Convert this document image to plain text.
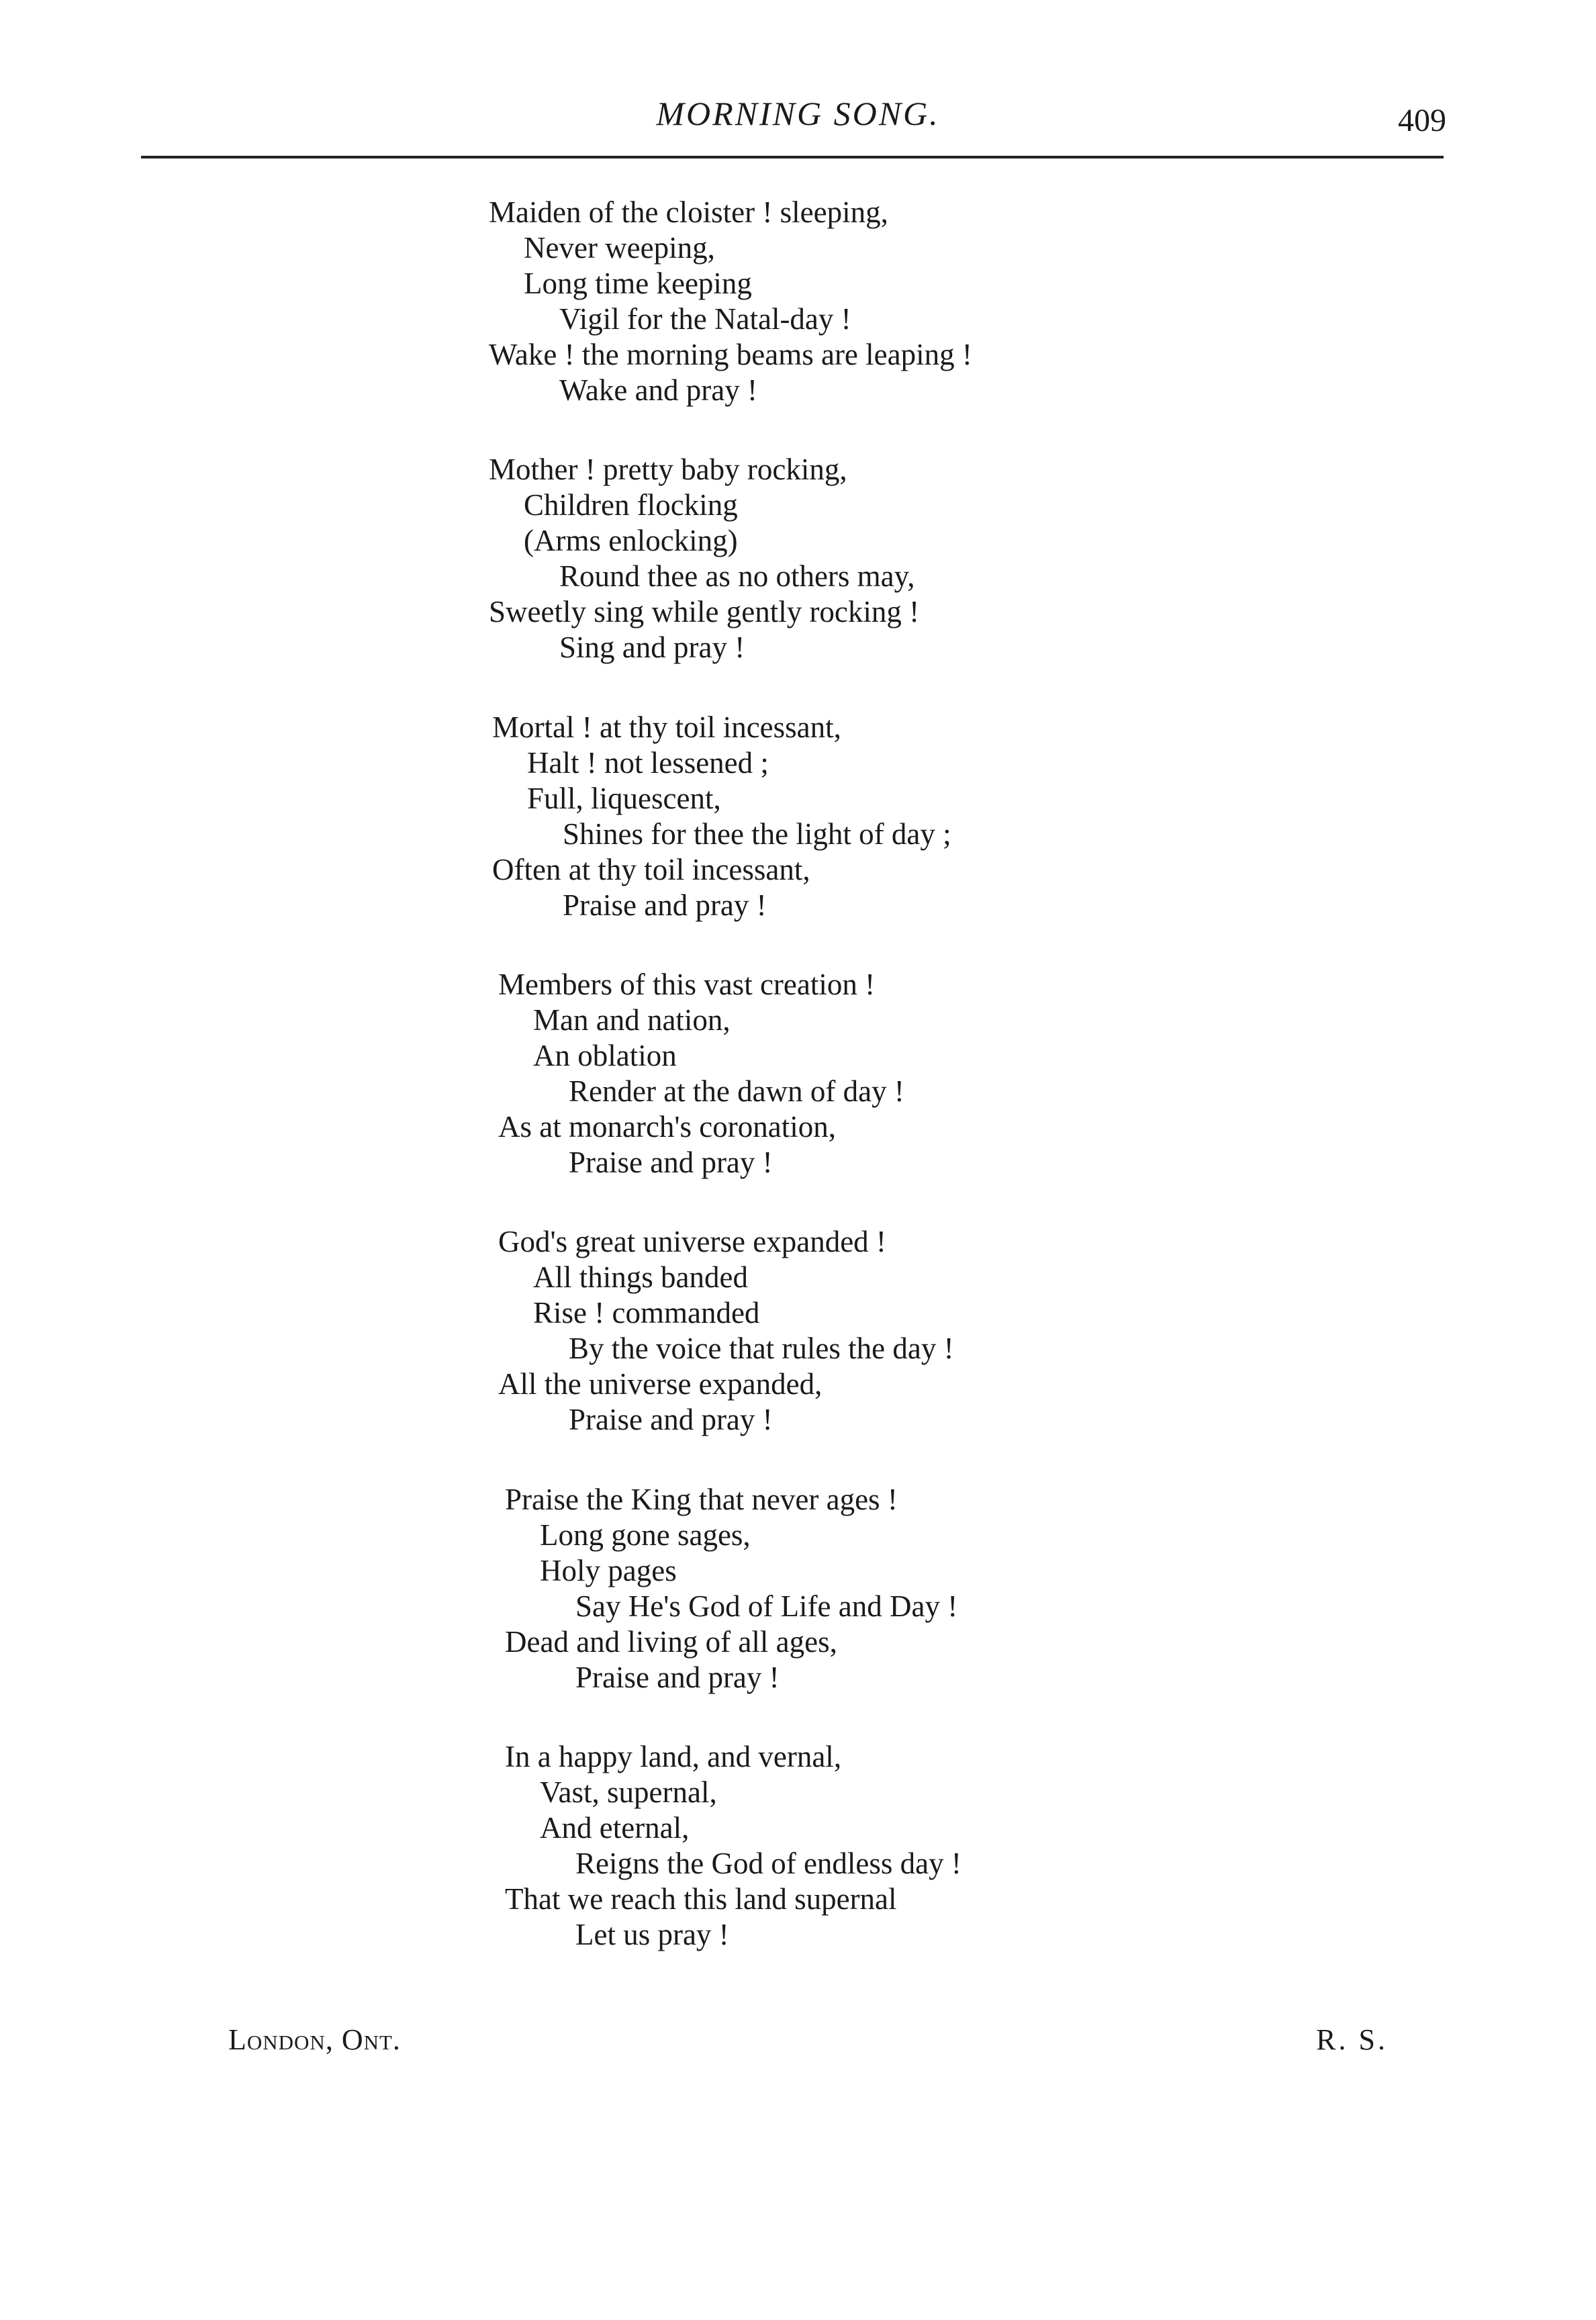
MORNING SONG.	409
Maiden of the cloister ! sleeping,
Never weeping,
Long time keeping
Vigil for the Natal-day !
Wake ! the morning beams are leaping !
Wake and pray !
Mother ! pretty baby rocking,
Children flocking
(Arms enlocking)
Round thee as no others may,
Sweetly sing while gently rocking !
Sing and pray !
Mortal ! at thy toil incessant,
Halt ! not lessened ;
Full, liquescent,
Shines for thee the light of day ;
Often at thy toil incessant,
Praise and pray !
Members of this vast creation !
Man and nation,
An oblation
Render at the dawn of day !
As at monarch's coronation,
Praise and pray !
God's great universe expanded !
All things banded
Rise ! commanded
By the voice that rules the day !
All the universe expanded,
Praise and pray !
Praise the King that never ages !
Long gone sages,
Holy pages
Say He's God of Life and Day !
Dead and living of all ages,
Praise and pray !
In a happy land, and vernal,
Vast, supernal,
And eternal,
Reigns the God of endless day !
That we reach this land supernal
Let us pray !
London, Ont.	R. S.
